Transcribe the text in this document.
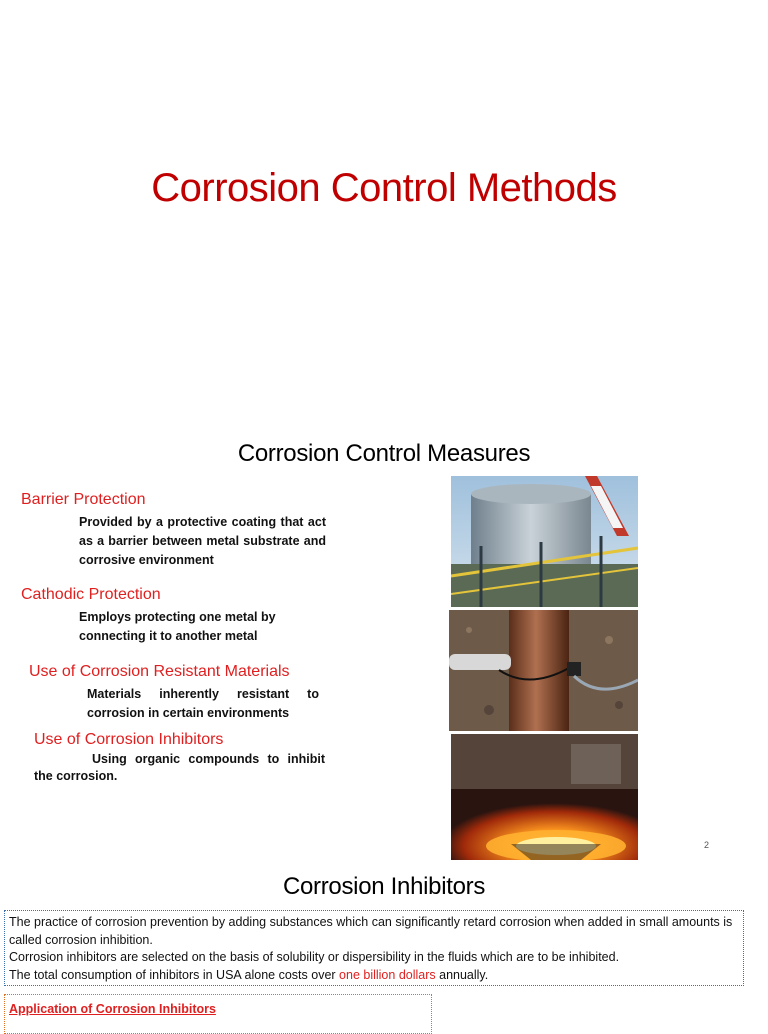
Corrosion Control Methods
Corrosion Control Measures
Barrier Protection
Provided by a protective coating that act as a barrier between metal substrate and corrosive environment
Cathodic Protection
Employs protecting one metal by connecting it to another metal
Use of Corrosion Resistant Materials
Materials inherently resistant to corrosion in certain environments
Use of Corrosion Inhibitors
Using organic compounds to inhibit the corrosion.
2
Corrosion Inhibitors

The practice of corrosion prevention by adding substances which can significantly retard corrosion when added in small amounts is called corrosion inhibition.

Corrosion inhibitors are selected on the basis of solubility or dispersibility in the fluids which are to be inhibited.

The total consumption of inhibitors in USA alone costs over one billion dollars annually.

Application of Corrosion Inhibitors
